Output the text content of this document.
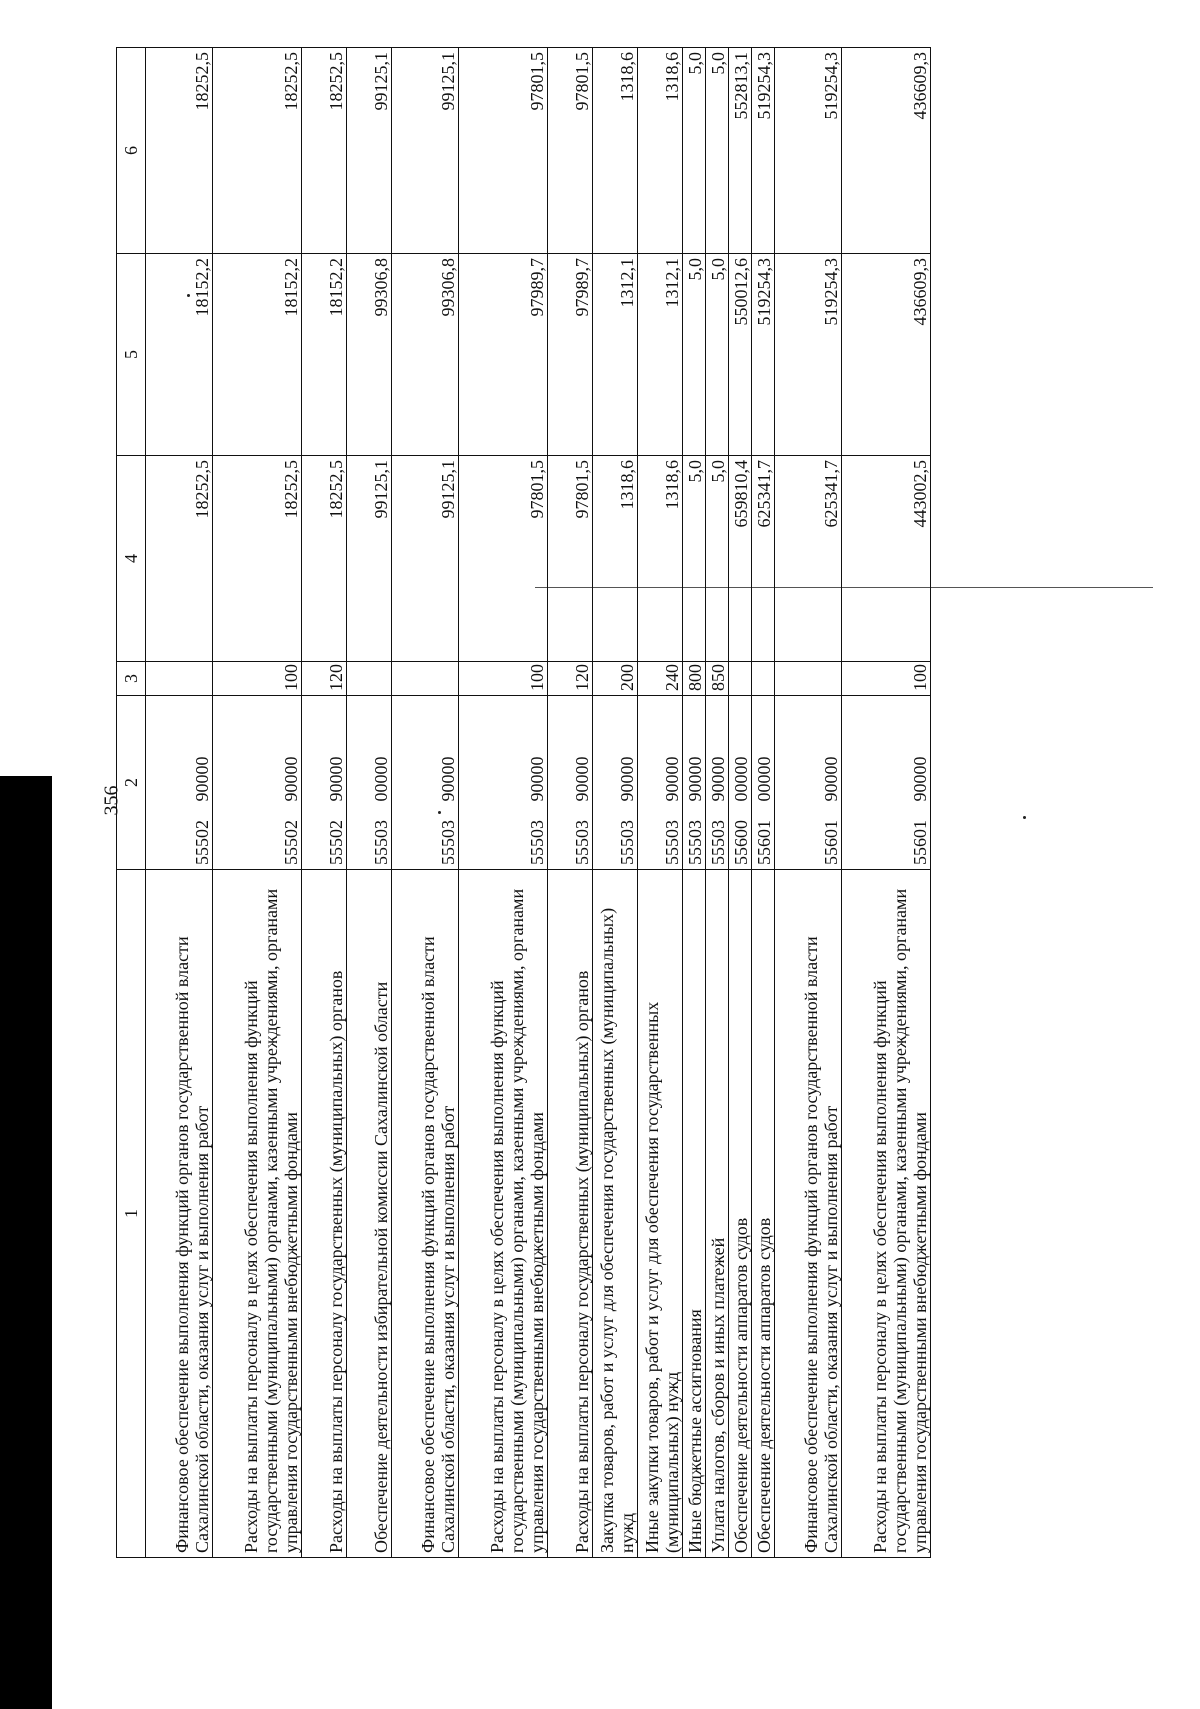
356
1	2	3	4	5	6
Финансовое обеспечение выполнения функций органов государственной власти Сахалинской области, оказания услуг и выполнения работ	55502 90000		18252,5	18152,2	18252,5
Расходы на выплаты персоналу в целях обеспечения выполнения функций государственными (муниципальными) органами, казенными учреждениями, органами управления государственными внебюджетными фондами	55502 90000	100	18252,5	18152,2	18252,5
Расходы на выплаты персоналу государственных (муниципальных) органов	55502 90000	120	18252,5	18152,2	18252,5
Обеспечение деятельности избирательной комиссии Сахалинской области	55503 00000		99125,1	99306,8	99125,1
Финансовое обеспечение выполнения функций органов государственной власти Сахалинской области, оказания услуг и выполнения работ	55503 90000		99125,1	99306,8	99125,1
Расходы на выплаты персоналу в целях обеспечения выполнения функций государственными (муниципальными) органами, казенными учреждениями, органами управления государственными внебюджетными фондами	55503 90000	100	97801,5	97989,7	97801,5
Расходы на выплаты персоналу государственных (муниципальных) органов	55503 90000	120	97801,5	97989,7	97801,5
Закупка товаров, работ и услуг для обеспечения государственных (муниципальных) нужд	55503 90000	200	1318,6	1312,1	1318,6
Иные закупки товаров, работ и услуг для обеспечения государственных (муниципальных) нужд	55503 90000	240	1318,6	1312,1	1318,6
Иные бюджетные ассигнования	55503 90000	800	5,0	5,0	5,0
Уплата налогов, сборов и иных платежей	55503 90000	850	5,0	5,0	5,0
Обеспечение деятельности аппаратов судов	55600 00000		659810,4	550012,6	552813,1
Обеспечение деятельности аппаратов судов	55601 00000		625341,7	519254,3	519254,3
Финансовое обеспечение выполнения функций органов государственной власти Сахалинской области, оказания услуг и выполнения работ	55601 90000		625341,7	519254,3	519254,3
Расходы на выплаты персоналу в целях обеспечения выполнения функций государственными (муниципальными) органами, казенными учреждениями, органами управления государственными внебюджетными фондами	55601 90000	100	443002,5	436609,3	436609,3
